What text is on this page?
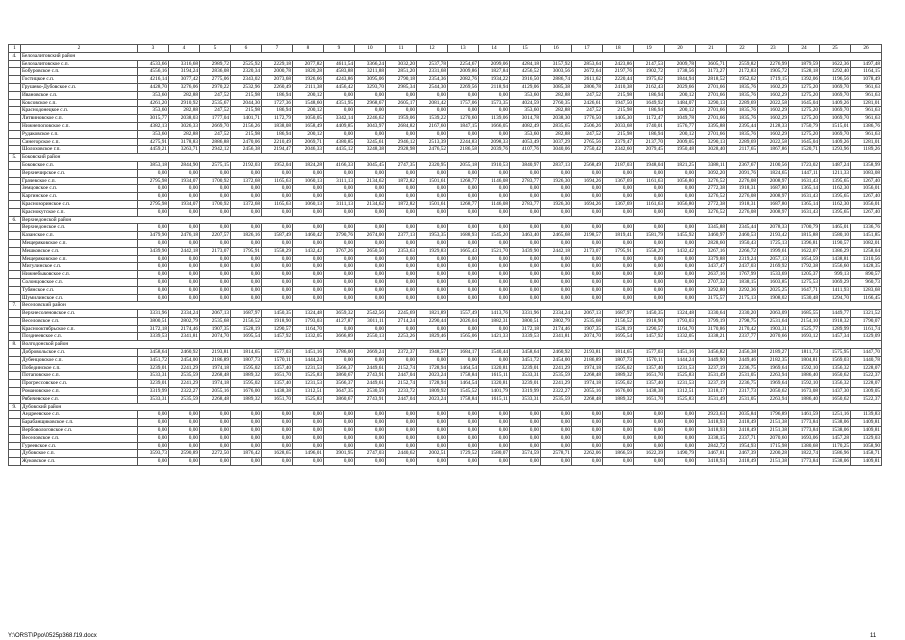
1	2	3	4	5	6	7	8	9	10	11	12	13	14	15	16	17	18	19	20	21	22	23	24	25	26
4.	Белозалитовский район																								
	Белозалитовское с.п.	4533,66	3316,68	2989,72	2525,92	2229,18	2077,82	4611,54	3366,24	3032,20	2537,78	2254,67	2099,06	4284,18	3157,92	2853,64	2423,86	2147,53	2009,78	3605,71	2559,82	2276,99	1879,59	1622,36	1497,48
	Бобуровское с.п.	4556,16	3194,24	2836,08	2320,34	2000,78	1820,28	4583,88	3211,88	2851,20	2331,68	2009,86	1827,84	4256,52	3003,56	2672,64	2197,76	1902,72	1738,56	3173,27	2172,83	1905,72	1528,18	1292,40	1164,15
	Гостицкое с.п.	4216,14	3077,42	2775,06	2343,02	2073,68	1926,66	4243,86	3095,06	2790,18	2354,36	2082,76	1934,22	3916,50	2886,74	2611,62	2220,44	1975,62	1844,94	2818,52	1952,62	1719,15	1392,06	1196,56	1078,49
	Грушево-Дубовское с.п.	4428,70	3276,06	2970,22	2532,96	2260,49	2111,38	4456,42	3293,70	2985,34	2544,30	2269,56	2118,94	4129,06	3085,38	2806,78	2410,38	2162,43	2029,66	2701,66	1835,76	1602,29	1275,20	1069,70	961,63
	Ивановское с.п.	353,60	282,88	247,52	215,98	186,94	200,12	0,00	0,00	0,00	0,00	0,00	0,00	353,60	282,88	247,52	215,98	186,94	200,12	2701,66	1835,76	1602,29	1275,20	1069,70	961,63
	Коксовское с.п.	4261,20	2910,92	2535,67	2044,30	1727,36	1548,60	4351,95	2968,67	2605,17	2081,42	1757,06	1573,35	4024,59	2760,35	2426,61	1947,50	1649,92	1484,07	3290,13	2289,69	2022,58	1645,04	1409,26	1281,01
	Краснодонецкое с.п.	353,60	282,88	247,52	215,98	186,94	200,12	0,00	0,00	0,00	0,00	0,00	0,00	353,60	282,88	247,52	215,98	186,94	200,12	2701,66	1835,76	1602,29	1275,20	1069,70	961,63
	Литвиновское с.п.	3015,77	2038,03	1777,04	1401,71	1172,79	1050,05	3342,14	2246,62	1959,06	1539,22	1270,60	1139,06	3014,78	2038,30	1776,50	1405,30	1172,47	1049,78	2701,66	1835,76	1602,29	1275,20	1069,70	961,63
	Нижнепоповское с.п.	4382,13	3026,33	2669,70	2156,26	1838,08	1658,49	4409,85	3043,97	2684,82	2167,60	1847,15	1666,05	4082,49	2835,65	2506,26	2033,68	1740,01	1576,77	3395,88	2395,44	2128,33	1750,79	1515,01	1386,76
	Рудаковское с.п.	353,60	282,88	247,52	215,98	186,94	200,12	0,00	0,00	0,00	0,00	0,00	0,00	353,60	282,88	247,52	215,98	186,94	200,12	2701,66	1835,76	1602,29	1275,20	1069,70	961,63
	Синегорское с.п.	4275,91	3178,83	2886,88	2470,06	2210,49	2069,71	4380,85	3245,61	2946,12	2513,39	2244,83	2098,33	4053,49	3037,29	2765,56	2379,47	2137,70	2009,05	3290,13	2289,69	2022,58	1645,04	1409,26	1281,01
	Шолоховское г.п.	4459,21	3263,71	2942,12	2456,38	2194,47	2046,33	4435,12	3248,38	2928,98	2476,52	2186,58	2039,76	4107,76	3040,06	2750,42	2342,60	2079,45	1950,48	3028,40	2117,65	1867,86	1520,71	1293,96	1189,26
5.	Боковский район																								
	Боковское с.п.	3853,18	2844,90	2575,15	2192,03	1952,04	1824,28	4166,33	3045,45	2747,35	2320,95	2055,18	1910,53	3840,97	2837,13	2568,49	2187,03	1948,04	1821,25	3388,11	2367,67	2100,56	1723,02	1487,24	1358,99
	Верхнечирское с.п.	0,00	0,00	0,00	0,00	0,00	0,00	0,00	0,00	0,00	0,00	0,00	0,00	0,00	0,00	0,00	0,00	0,00	0,00	3092,20	2091,76	1824,65	1447,11	1211,33	1083,08
	Грачевское с.п.	2795,98	1934,07	1700,92	1372,68	1165,63	1060,13	3111,13	2134,62	1872,82	1501,61	1268,77	1146,08	2783,77	1926,30	1694,26	1367,69	1161,63	1056,80	3276,52	2276,08	2008,97	1631,43	1395,65	1267,40
	Земцовское с.п.	0,00	0,00	0,00	0,00	0,00	0,00	0,00	0,00	0,00	0,00	0,00	0,00	0,00	0,00	0,00	0,00	0,00	0,00	2772,38	1918,31	1687,80	1365,14	1162,30	1056,01
	Каргинское с.п.	0,00	0,00	0,00	0,00	0,00	0,00	0,00	0,00	0,00	0,00	0,00	0,00	0,00	0,00	0,00	0,00	0,00	0,00	3276,52	2276,08	2008,97	1631,43	1395,65	1267,40
	Краснозоринское с.п.	2795,98	1934,07	1700,92	1372,68	1165,63	1060,13	3111,13	2134,62	1872,82	1501,61	1268,77	1146,08	2783,77	1926,30	1694,26	1367,69	1161,63	1056,80	2772,38	1918,31	1687,80	1365,14	1162,30	1056,01
	Краснокутское с.п.	0,00	0,00	0,00	0,00	0,00	0,00	0,00	0,00	0,00	0,00	0,00	0,00	0,00	0,00	0,00	0,00	0,00	0,00	3276,52	2276,08	2008,97	1631,43	1395,65	1267,40
6.	Верхнедонской район																								
	Верхнедонское с.п.	0,00	0,00	0,00	0,00	0,00	0,00	0,00	0,00	0,00	0,00	0,00	0,00	0,00	0,00	0,00	0,00	0,00	0,00	3345,88	2345,44	2078,33	1700,79	1465,01	1336,76
	Казанское с.п.	3479,90	2476,18	2207,57	1826,16	1587,49	1460,42	3790,76	2674,00	2377,13	1953,35	1688,93	1545,20	3463,40	2465,68	2198,57	1819,41	1581,79	1455,92	3460,97	2460,53	2193,42	1815,88	1580,10	1451,85
	Мещеряковское с.п.	0,00	0,00	0,00	0,00	0,00	0,00	0,00	0,00	0,00	0,00	0,00	0,00	0,00	0,00	0,00	0,00	0,00	0,00	2828,60	1950,43	1725,13	1396,81	1190,57	1082,01
	Мешковское с.п.	3439,90	2442,18	2173,07	1795,91	1558,29	1432,42	3767,26	2650,50	2353,63	1929,83	1665,43	1521,70	3439,90	2442,18	2173,07	1795,91	1558,29	1432,42	3267,16	2266,72	1999,61	1622,07	1386,29	1258,04
	Мещеряковское с.п.	0,00	0,00	0,00	0,00	0,00	0,00	0,00	0,00	0,00	0,00	0,00	0,00	0,00	0,00	0,00	0,00	0,00	0,00	3379,88	2319,24	2057,13	1654,59	1438,81	1310,56
	Мигулинское с.п.	0,00	0,00	0,00	0,00	0,00	0,00	0,00	0,00	0,00	0,00	0,00	0,00	0,00	0,00	0,00	0,00	0,00	0,00	3437,47	2437,03	2169,92	1792,38	1556,60	1428,35
	Нижнебыковское с.п.	0,00	0,00	0,00	0,00	0,00	0,00	0,00	0,00	0,00	0,00	0,00	0,00	0,00	0,00	0,00	0,00	0,00	0,00	2637,16	1767,99	1533,69	1205,37	999,13	890,57
	Солонцовское с.п.	0,00	0,00	0,00	0,00	0,00	0,00	0,00	0,00	0,00	0,00	0,00	0,00	0,00	0,00	0,00	0,00	0,00	0,00	2707,32	1838,15	1603,85	1275,53	1069,29	960,73
	Тубянское с.п.	0,00	0,00	0,00	0,00	0,00	0,00	0,00	0,00	0,00	0,00	0,00	0,00	0,00	0,00	0,00	0,00	0,00	0,00	3292,80	2292,36	2025,25	1647,71	1411,93	1283,68
	Шумилинское с.п.	0,00	0,00	0,00	0,00	0,00	0,00	0,00	0,00	0,00	0,00	0,00	0,00	0,00	0,00	0,00	0,00	0,00	0,00	3175,57	2175,13	1908,02	1530,48	1294,70	1166,45
7.	Веселовский район																								
	Верхнесоленовское с.п.	3331,96	2334,24	2067,13	1687,97	1450,35	1324,48	3659,32	2542,56	2245,69	1821,89	1557,49	1413,76	3331,96	2334,24	2067,13	1687,97	1450,35	1324,48	3330,64	2330,20	2063,09	1685,55	1449,77	1321,52
	Веселовское с.п.	3800,51	2802,79	2535,68	2156,52	1918,90	1793,03	4127,87	3011,11	2714,24	2290,44	2026,04	1882,31	3800,51	2802,79	2535,68	2156,52	1918,90	1793,03	3799,19	2798,75	2531,64	2154,10	1918,32	1790,07
	Краснооктябрьское с.п.	3172,18	2174,46	1907,35	1528,19	1290,57	1164,70	0,00	0,00	0,00	0,00	0,00	0,00	3172,18	2174,46	1907,35	1528,19	1290,57	1164,70	3170,86	2170,42	1903,31	1525,77	1289,99	1161,74
	Позднеевское с.п.	3339,53	2341,81	2074,70	1695,54	1457,92	1332,05	3666,89	2550,13	2253,26	1829,46	1565,06	1421,33	3339,53	2341,81	2074,70	1695,54	1457,92	1332,05	3338,21	2337,77	2070,66	1693,12	1457,34	1329,09
8.	Волгодонской район																								
	Добровольское с.п.	3458,64	2460,92	2193,81	1814,65	1577,03	1451,16	3786,00	2669,24	2372,37	1948,57	1684,17	1540,44	3458,64	2460,92	2193,81	1814,65	1577,03	1451,16	3456,82	2456,38	2189,27	1811,73	1575,95	1447,70
	Дубенцовское с.п.	3451,72	2454,00	2186,89	1807,73	1570,11	1444,24	0,00	0,00	0,00	0,00	0,00	0,00	3451,72	2454,00	2186,89	1807,73	1570,11	1444,24	3449,90	2449,46	2182,35	1804,81	1569,03	1440,78
	Побединское с.п.	3239,01	2241,29	1974,18	1595,02	1357,40	1231,53	3566,37	2449,61	2152,74	1728,94	1464,54	1320,81	3239,01	2241,29	1974,18	1595,02	1357,40	1231,53	3237,19	2236,75	1969,64	1592,10	1356,32	1228,07
	Потаповское с.п.	3533,31	2535,59	2268,48	1889,32	1651,70	1525,83	3860,67	2743,91	2447,04	2023,24	1758,84	1615,11	3533,31	2535,59	2268,48	1889,32	1651,70	1525,83	3531,49	2531,05	2263,94	1886,40	1650,62	1522,37
	Прогрессовское с.п.	3239,01	2241,29	1974,18	1595,02	1357,40	1231,53	3566,37	2449,61	2152,74	1728,94	1464,54	1320,81	3239,01	2241,29	1974,18	1595,02	1357,40	1231,53	3237,19	2236,75	1969,64	1592,10	1356,32	1228,07
	Романовское с.п.	3319,99	2322,27	2055,16	1676,00	1438,38	1312,51	3647,35	2530,59	2233,72	1809,92	1545,52	1401,79	3319,99	2322,27	2055,16	1676,00	1438,38	1312,51	3318,17	2317,73	2050,62	1673,08	1437,30	1309,05
	Рябичевское с.п.	3533,31	2535,59	2268,48	1889,32	1651,70	1525,83	3860,67	2743,91	2447,04	2023,24	1758,84	1615,11	3533,31	2535,59	2268,48	1889,32	1651,70	1525,83	3531,49	2531,05	2263,94	1886,40	1650,62	1522,37
9.	Дубовский район																								
	Андреевское с.п.	0,00	0,00	0,00	0,00	0,00	0,00	0,00	0,00	0,00	0,00	0,00	0,00	0,00	0,00	0,00	0,00	0,00	0,00	2923,63	2035,84	1796,89	1461,59	1251,16	1139,83
	Барабанщиковское с.п.	0,00	0,00	0,00	0,00	0,00	0,00	0,00	0,00	0,00	0,00	0,00	0,00	0,00	0,00	0,00	0,00	0,00	0,00	3418,93	2418,49	2151,38	1773,84	1538,06	1409,81
	Вербовологовское с.п.	0,00	0,00	0,00	0,00	0,00	0,00	0,00	0,00	0,00	0,00	0,00	0,00	0,00	0,00	0,00	0,00	0,00	0,00	3418,93	2418,49	2151,38	1773,84	1538,06	1409,81
	Веселовское с.п.	0,00	0,00	0,00	0,00	0,00	0,00	0,00	0,00	0,00	0,00	0,00	0,00	0,00	0,00	0,00	0,00	0,00	0,00	3338,15	2337,71	2070,60	1693,06	1457,28	1329,03
	Гуреевское с.п.	0,00	0,00	0,00	0,00	0,00	0,00	0,00	0,00	0,00	0,00	0,00	0,00	0,00	0,00	0,00	0,00	0,00	0,00	2842,72	1954,93	1715,98	1380,68	1170,25	1058,90
	Дубовское с.п.	3593,73	2590,89	2272,50	1876,42	1628,65	1496,01	3901,95	2747,03	2440,62	2002,51	1729,52	1580,07	3574,59	2578,71	2262,06	1866,59	1622,39	1490,79	3467,81	2467,39	2200,28	1822,74	1586,96	1458,71
	Жуковское с.п.	0,00	0,00	0,00	0,00	0,00	0,00	0,00	0,00	0,00	0,00	0,00	0,00	0,00	0,00	0,00	0,00	0,00	0,00	3418,93	2418,49	2151,38	1773,84	1538,06	1409,81
Y:\ORST\Ppo\0525p368.f19.docx	11
